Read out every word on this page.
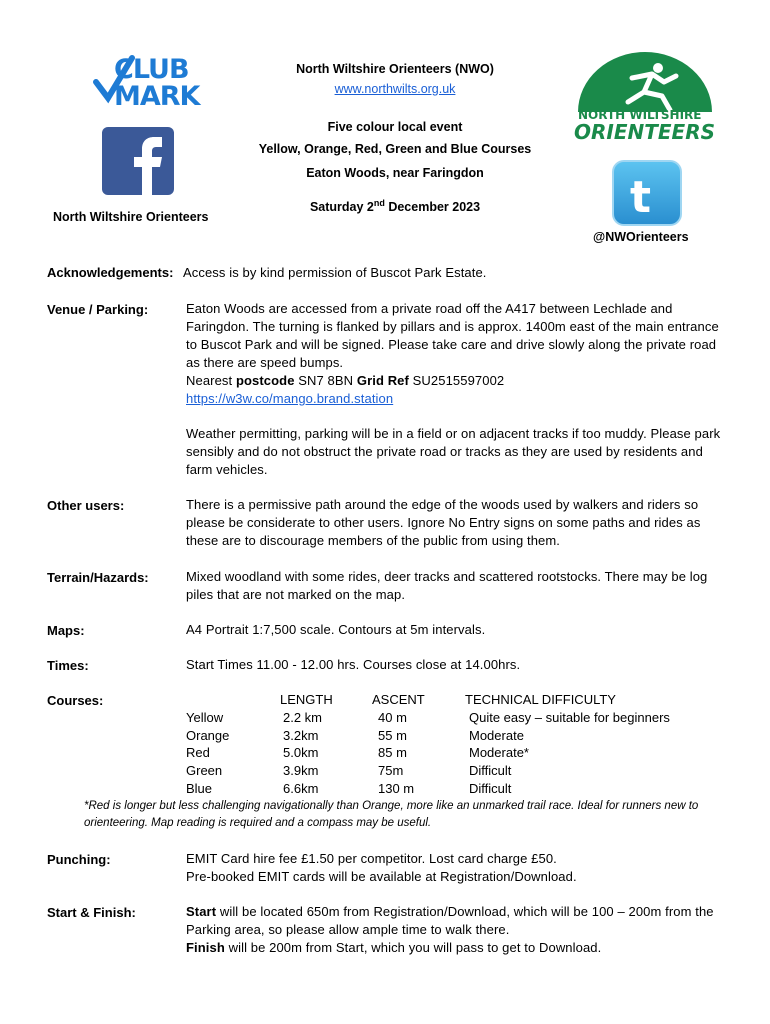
CLUB
MARK
North Wiltshire Orienteers
NORTH WILTSHIRE
ORIENTEERS
t
@NWOrienteers
North Wiltshire Orienteers (NWO)
www.northwilts.org.uk
Five colour local event
Yellow, Orange, Red, Green and Blue Courses
Eaton Woods, near Faringdon
Saturday 2nd December 2023
Acknowledgements: Access is by kind permission of Buscot Park Estate.
Venue / Parking:	Eaton Woods are accessed from a private road off the A417 between Lechlade and Faringdon. The turning is flanked by pillars and is approx. 1400m east of the main entrance to Buscot Park and will be signed. Please take care and drive slowly along the private road as there are speed bumps.
Nearest postcode SN7 8BN Grid Ref SU2515597002
https://w3w.co/mango.brand.station
Weather permitting, parking will be in a field or on adjacent tracks if too muddy. Please park sensibly and do not obstruct the private road or tracks as they are used by residents and farm vehicles.
Other users:	There is a permissive path around the edge of the woods used by walkers and riders so please be considerate to other users. Ignore No Entry signs on some paths and rides as these are to discourage members of the public from using them.
Terrain/Hazards:	Mixed woodland with some rides, deer tracks and scattered rootstocks. There may be log piles that are not marked on the map.
Maps:	A4 Portrait 1:7,500 scale. Contours at 5m intervals.
Times:	Start Times 11.00 - 12.00 hrs. Courses close at 14.00hrs.
Courses:	LENGTH	ASCENT	TECHNICAL DIFFICULTY
Yellow	2.2 km	40 m	Quite easy – suitable for beginners
Orange	3.2km	55 m	Moderate
Red	5.0km	85 m	Moderate*
Green	3.9km	75m	Difficult
Blue	6.6km	130 m	Difficult
*Red is longer but less challenging navigationally than Orange, more like an unmarked trail race. Ideal for runners new to orienteering. Map reading is required and a compass may be useful.
Punching:	EMIT Card hire fee £1.50 per competitor. Lost card charge £50.
Pre-booked EMIT cards will be available at Registration/Download.
Start & Finish:	Start will be located 650m from Registration/Download, which will be 100 – 200m from the Parking area, so please allow ample time to walk there.
Finish will be 200m from Start, which you will pass to get to Download.
